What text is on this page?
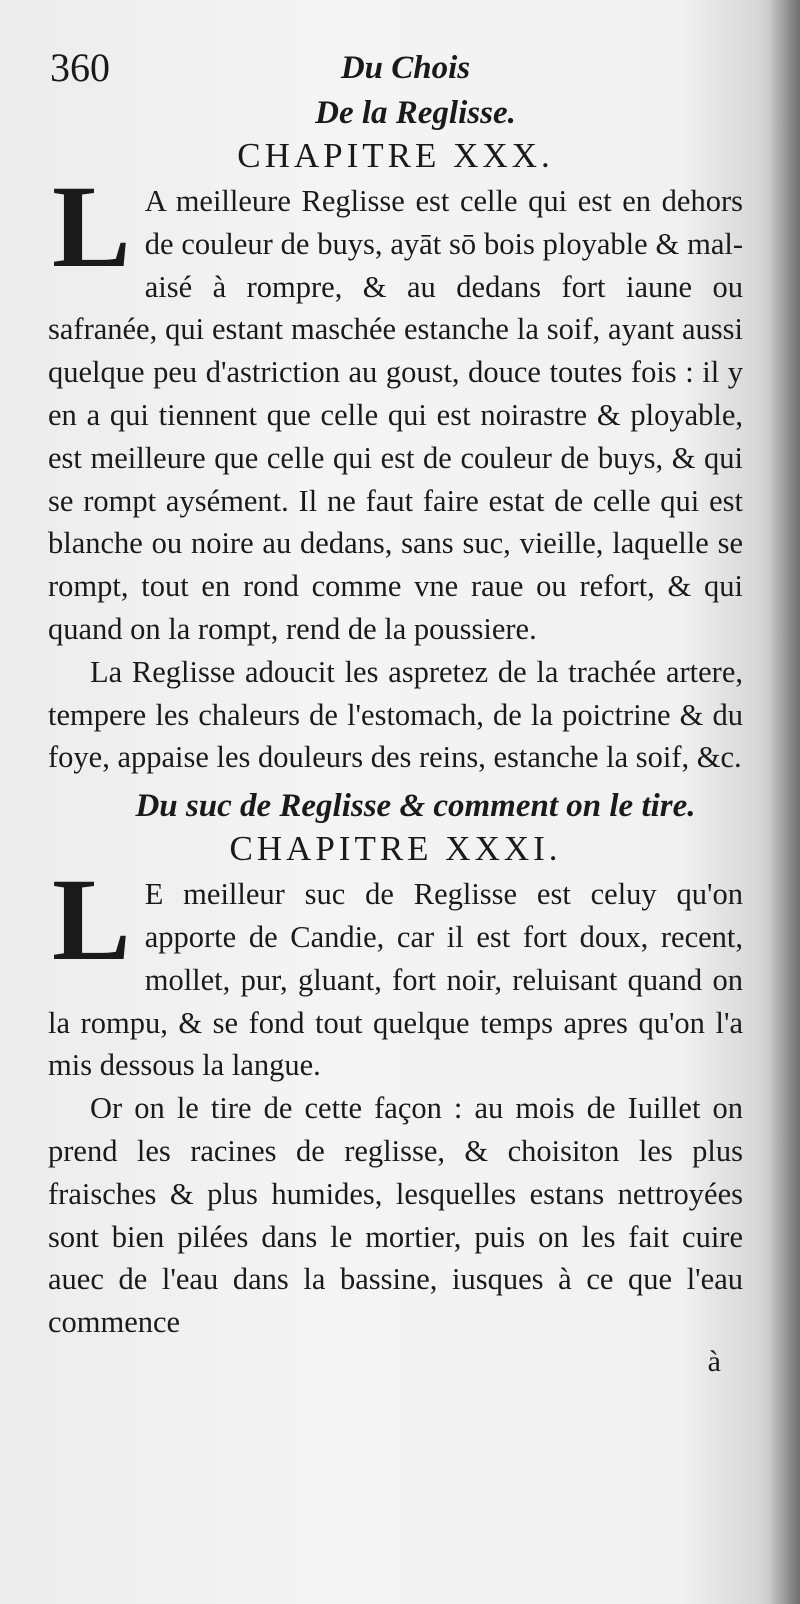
360	Du Chois
De la Reglisse.
CHAPITRE XXX.

L A meilleure Reglisse est celle qui est en dehors de couleur de buys, ayāt sō bois ployable & mal-aisé à rompre, & au dedans fort iaune ou safranée, qui estant maschée estanche la soif, ayant aussi quelque peu d'astriction au goust, douce toutes fois : il y en a qui tiennent que celle qui est noirastre & ployable, est meilleure que celle qui est de couleur de buys, & qui se rompt aysément. Il ne faut faire estat de celle qui est blanche ou noire au dedans, sans suc, vieille, laquelle se rompt, tout en rond comme vne raue ou refort, & qui quand on la rompt, rend de la poussiere.

La Reglisse adoucit les aspretez de la trachée artere, tempere les chaleurs de l'estomach, de la poictrine & du foye, appaise les douleurs des reins, estanche la soif, &c.

Du suc de Reglisse & comment on le tire.
CHAPITRE XXXI.

L E meilleur suc de Reglisse est celuy qu'on apporte de Candie, car il est fort doux, recent, mollet, pur, gluant, fort noir, reluisant quand on la rompu, & se fond tout quelque temps apres qu'on l'a mis dessous la langue.

Or on le tire de cette façon : au mois de Iuillet on prend les racines de reglisse, & choisiton les plus fraisches & plus humides, lesquelles estans nettroyées sont bien pilées dans le mortier, puis on les fait cuire auec de l'eau dans la bassine, iusques à ce que l'eau commence

à
